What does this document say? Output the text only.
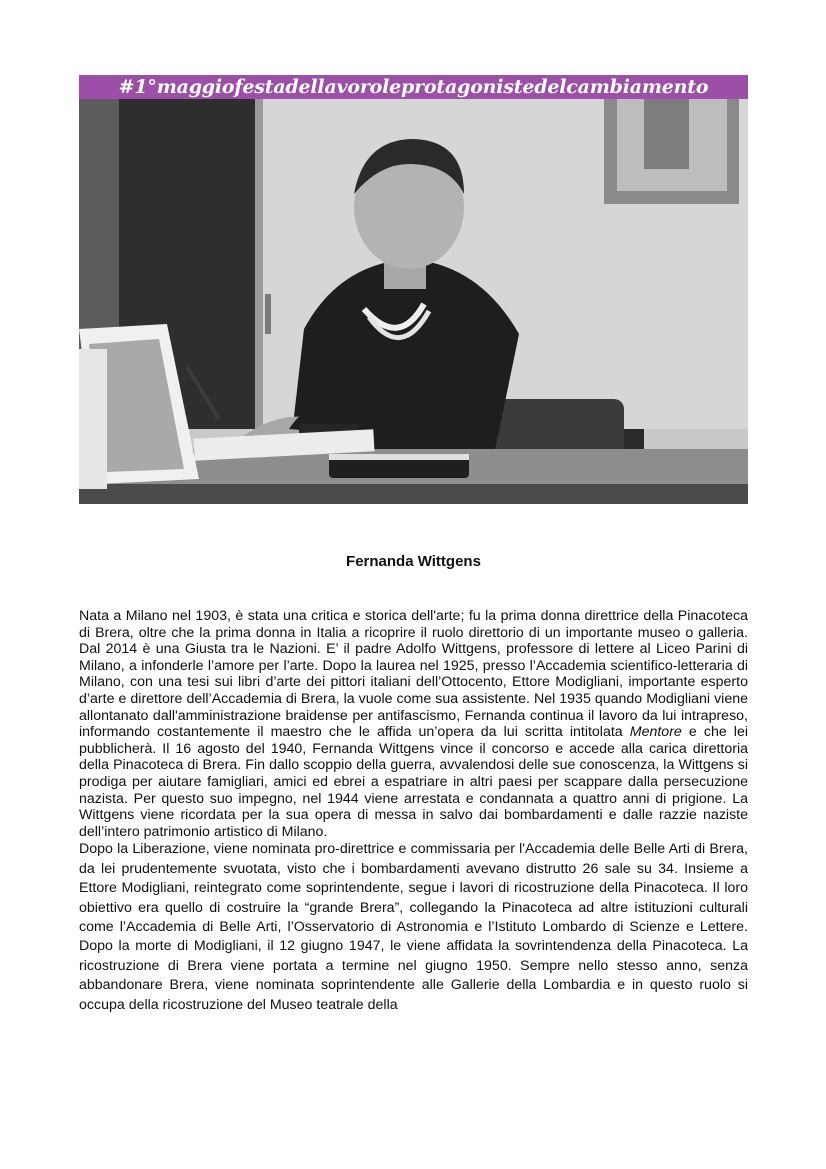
#1°maggiofestadellavoroleprotagonistedelcambiamento
Fernanda Wittgens

Nata a Milano nel 1903, è stata una critica e storica dell'arte; fu la prima donna direttrice della Pinacoteca di Brera, oltre che la prima donna in Italia a ricoprire il ruolo direttorio di un importante museo o galleria. Dal 2014 è una Giusta tra le Nazioni. E’ il padre Adolfo Wittgens, professore di lettere al Liceo Parini di Milano, a infonderle l’amore per l’arte. Dopo la laurea nel 1925, presso l’Accademia scientifico-letteraria di Milano, con una tesi sui libri d’arte dei pittori italiani dell’Ottocento, Ettore Modigliani, importante esperto d’arte e direttore dell’Accademia di Brera, la vuole come sua assistente. Nel 1935 quando Modigliani viene allontanato dall'amministrazione braidense per antifascismo, Fernanda continua il lavoro da lui intrapreso, informando costantemente il maestro che le affida un’opera da lui scritta intitolata Mentore e che lei pubblicherà. Il 16 agosto del 1940, Fernanda Wittgens vince il concorso e accede alla carica direttoria della Pinacoteca di Brera. Fin dallo scoppio della guerra, avvalendosi delle sue conoscenza, la Wittgens si prodiga per aiutare famigliari, amici ed ebrei a espatriare in altri paesi per scappare dalla persecuzione nazista. Per questo suo impegno, nel 1944 viene arrestata e condannata a quattro anni di prigione. La Wittgens viene ricordata per la sua opera di messa in salvo dai bombardamenti e dalle razzie naziste dell’intero patrimonio artistico di Milano.

Dopo la Liberazione, viene nominata pro-direttrice e commissaria per l'Accademia delle Belle Arti di Brera, da lei prudentemente svuotata, visto che i bombardamenti avevano distrutto 26 sale su 34. Insieme a Ettore Modigliani, reintegrato come soprintendente, segue i lavori di ricostruzione della Pinacoteca. Il loro obiettivo era quello di costruire la “grande Brera”, collegando la Pinacoteca ad altre istituzioni culturali come l’Accademia di Belle Arti, l’Osservatorio di Astronomia e l’Istituto Lombardo di Scienze e Lettere. Dopo la morte di Modigliani, il 12 giugno 1947, le viene affidata la sovrintendenza della Pinacoteca. La ricostruzione di Brera viene portata a termine nel giugno 1950. Sempre nello stesso anno, senza abbandonare Brera, viene nominata soprintendente alle Gallerie della Lombardia e in questo ruolo si occupa della ricostruzione del Museo teatrale della
